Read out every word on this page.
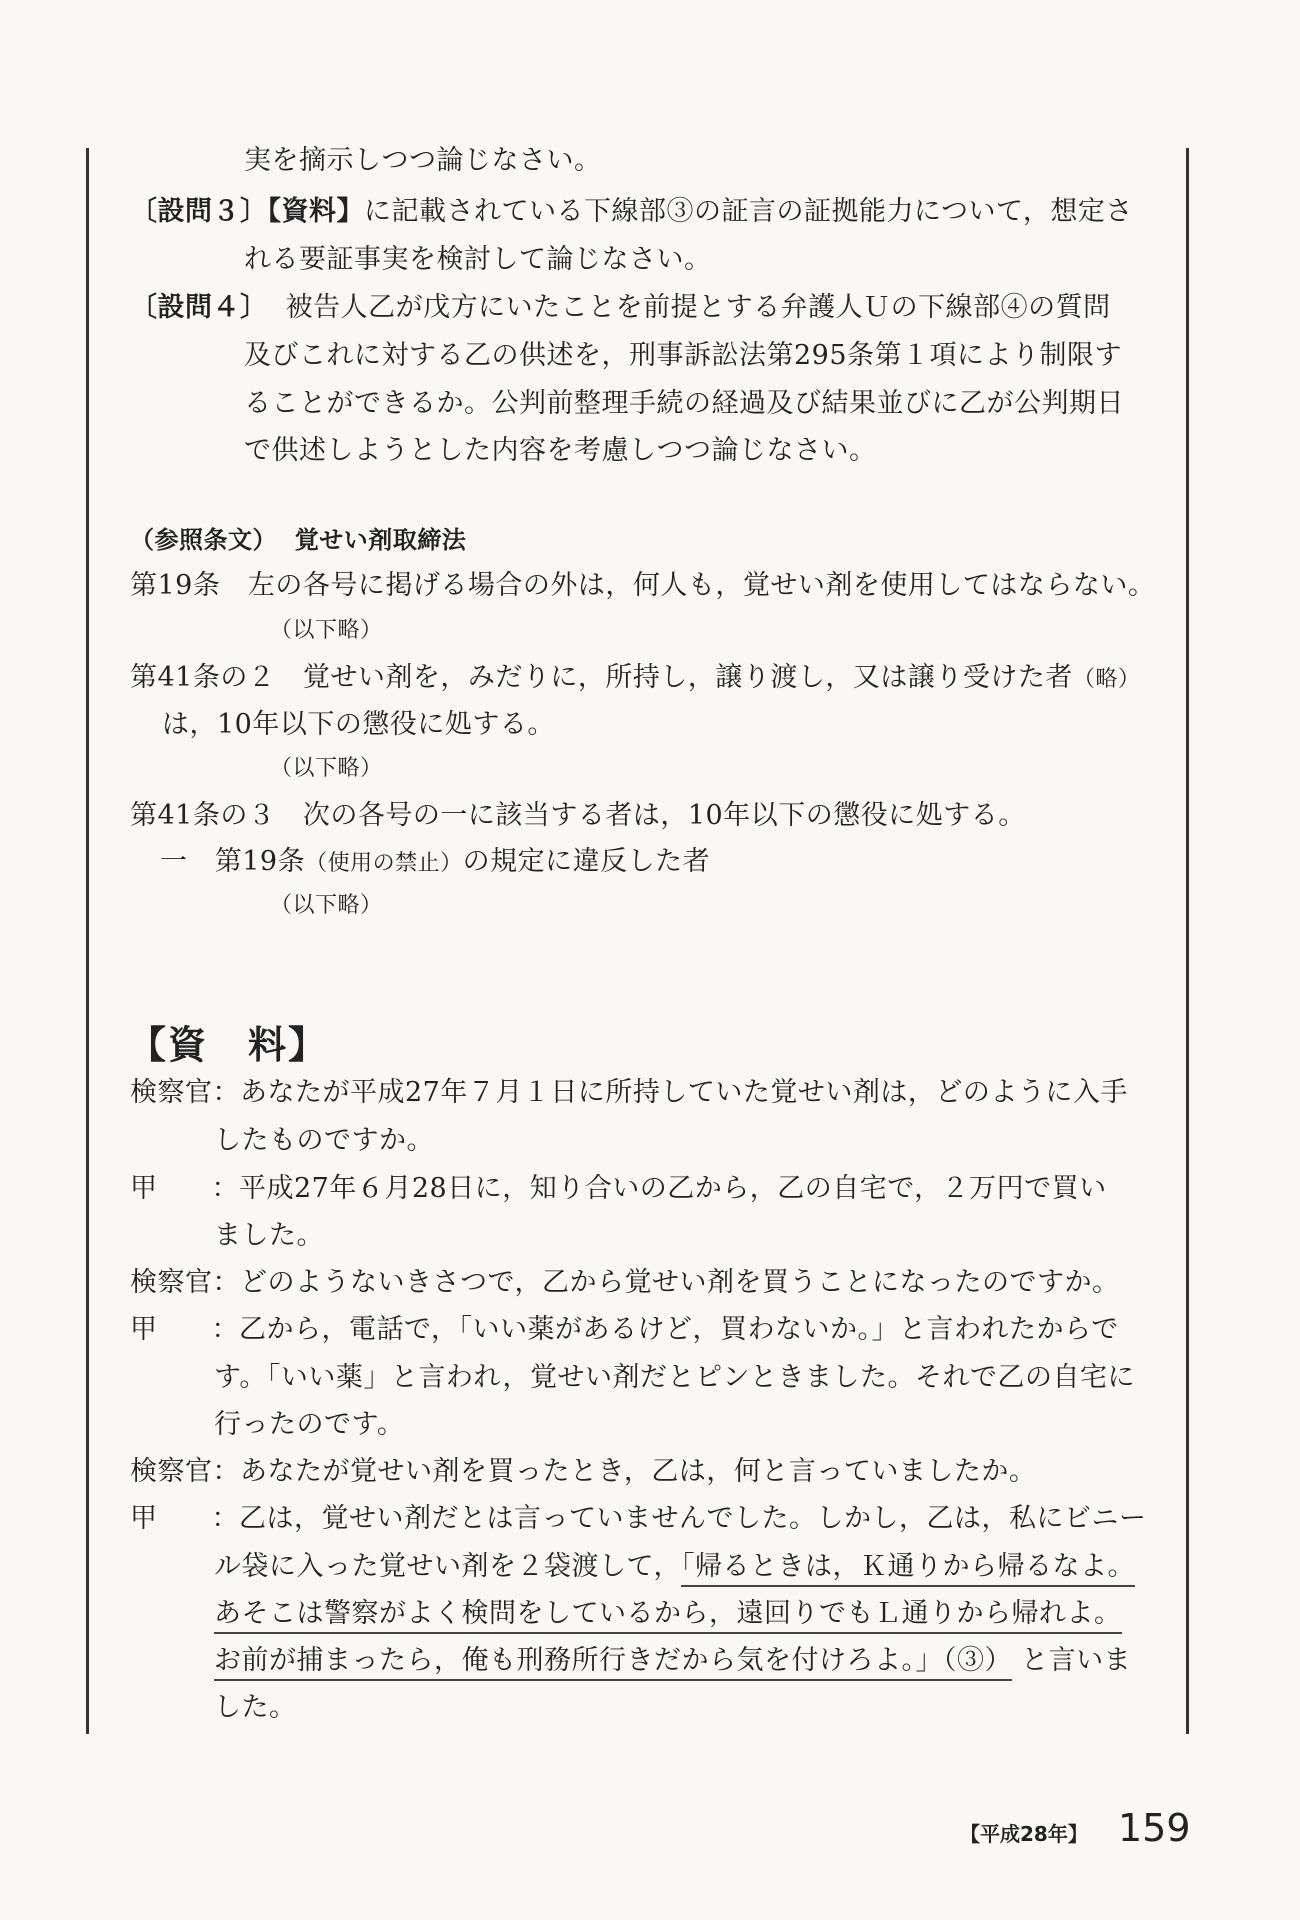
実を摘示しつつ論じなさい。
〔設問３〕【資料】に記載されている下線部③の証言の証拠能力について，想定さ
れる要証事実を検討して論じなさい。
〔設問４〕 被告人乙が戊方にいたことを前提とする弁護人Ｕの下線部④の質問
及びこれに対する乙の供述を，刑事訴訟法第295条第１項により制限す
ることができるか。公判前整理手続の経過及び結果並びに乙が公判期日
で供述しようとした内容を考慮しつつ論じなさい。
（参照条文） 覚せい剤取締法
第19条　左の各号に掲げる場合の外は，何人も，覚せい剤を使用してはならない。
（以下略）
第41条の２　覚せい剤を，みだりに，所持し，譲り渡し，又は譲り受けた者（略）
は，10年以下の懲役に処する。
（以下略）
第41条の３　次の各号の一に該当する者は，10年以下の懲役に処する。
一 第19条（使用の禁止）の規定に違反した者
（以下略）
【資　料】
検察官：あなたが平成27年７月１日に所持していた覚せい剤は，どのように入手
したものですか。
甲 ：平成27年６月28日に，知り合いの乙から，乙の自宅で，２万円で買い
ました。
検察官：どのようないきさつで，乙から覚せい剤を買うことになったのですか。
甲 ：乙から，電話で，「いい薬があるけど，買わないか。」と言われたからで
す。「いい薬」と言われ，覚せい剤だとピンときました。それで乙の自宅に
行ったのです。
検察官：あなたが覚せい剤を買ったとき，乙は，何と言っていましたか。
甲 ：乙は，覚せい剤だとは言っていませんでした。しかし，乙は，私にビニー
ル袋に入った覚せい剤を２袋渡して，「帰るときは，Ｋ通りから帰るなよ。
あそこは警察がよく検問をしているから，遠回りでもＬ通りから帰れよ。
お前が捕まったら，俺も刑務所行きだから気を付けろよ。」（③） と言いま
した。
【平成28年】 159
